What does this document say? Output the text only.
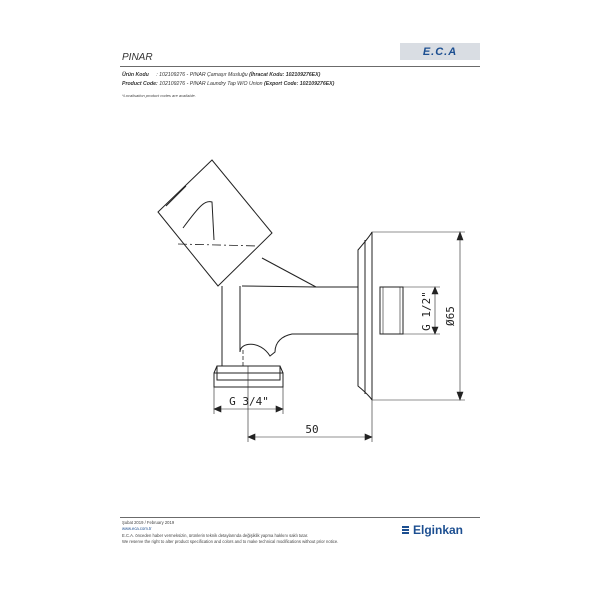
E.C.A
PINAR
Ürün Kodu : 102109276 - PINAR Çamaşır Musluğu (İhracat Kodu: 102109276EX)
Product Code: 102109276 - PINAR Laundry Tap W/O Union (Export Code: 102109276EX)
*Localisation product codes are available.
Ø65
G 1/2"
G 3/4"
50
Şubat 2019 / February 2019
www.eca.com.tr
E.C.A. önceden haber vermeksizin, ürünlerin teknik detaylarında değişiklik yapma hakkını saklı tutar.
We reserve the right to alter product specification and colors and to make technical modifications without prior notice.
Elginkan
